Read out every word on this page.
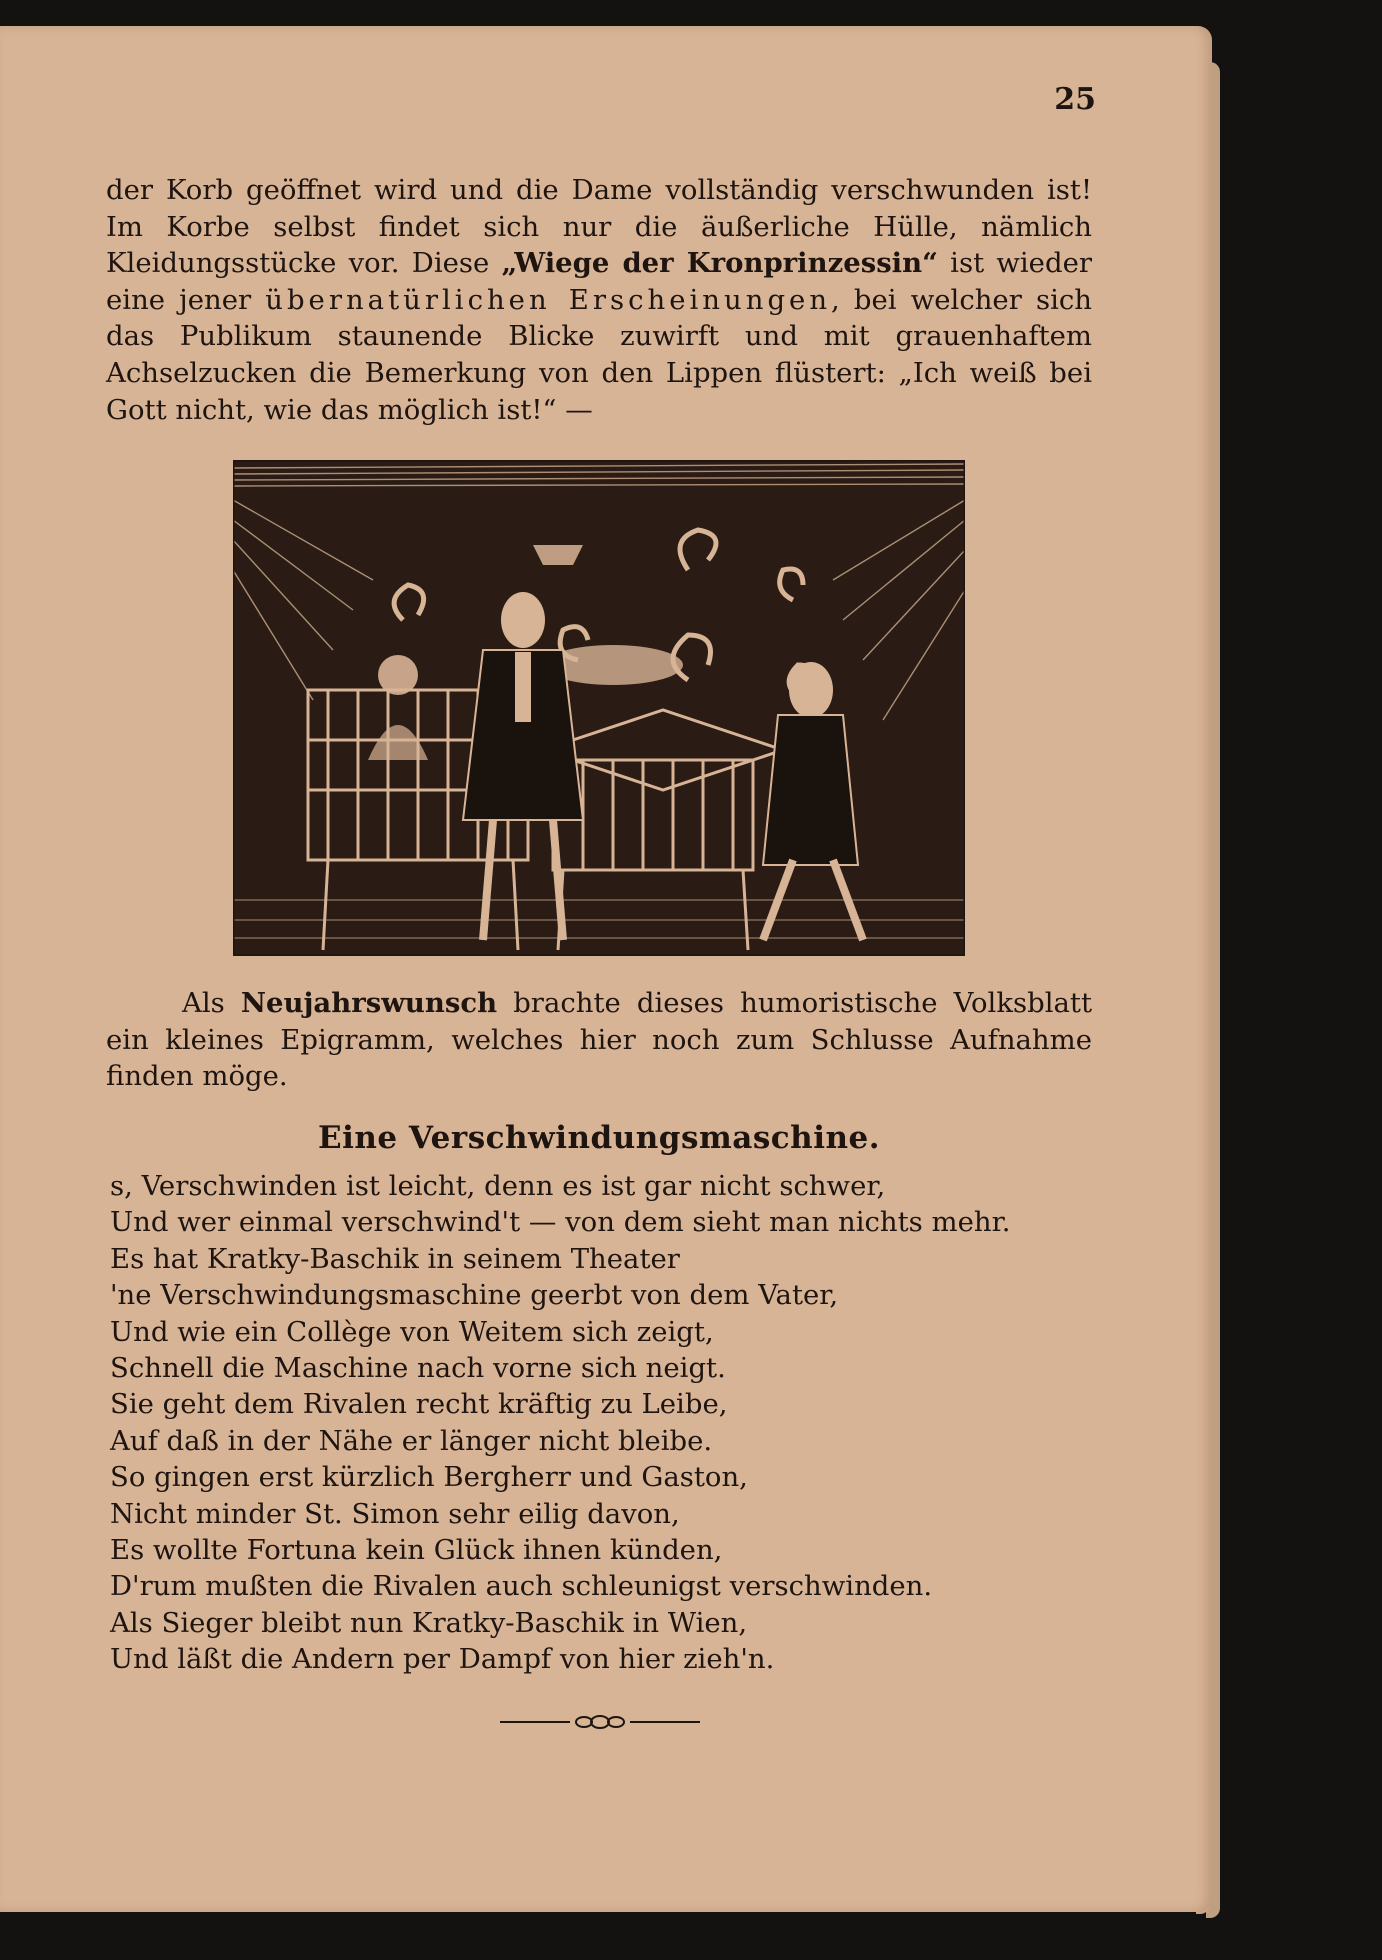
25

der Korb geöffnet wird und die Dame vollständig verschwunden ist! Im Korbe selbst findet sich nur die äußerliche Hülle, nämlich Kleidungsstücke vor. Diese „Wiege der Kronprinzessin“ ist wieder eine jener übernatürlichen Erscheinungen, bei welcher sich das Publikum staunende Blicke zuwirft und mit grauenhaftem Achselzucken die Bemerkung von den Lippen flüstert: „Ich weiß bei Gott nicht, wie das möglich ist!“ —

Als Neujahrswunsch brachte dieses humoristische Volksblatt ein kleines Epigramm, welches hier noch zum Schlusse Aufnahme finden möge.

Eine Verschwindungsmaschine.
s, Verschwinden ist leicht, denn es ist gar nicht schwer,
Und wer einmal verschwind't — von dem sieht man nichts mehr.
Es hat Kratky-Baschik in seinem Theater
'ne Verschwindungsmaschine geerbt von dem Vater,
Und wie ein Collège von Weitem sich zeigt,
Schnell die Maschine nach vorne sich neigt.
Sie geht dem Rivalen recht kräftig zu Leibe,
Auf daß in der Nähe er länger nicht bleibe.
So gingen erst kürzlich Bergherr und Gaston,
Nicht minder St. Simon sehr eilig davon,
Es wollte Fortuna kein Glück ihnen künden,
D'rum mußten die Rivalen auch schleunigst verschwinden.
Als Sieger bleibt nun Kratky-Baschik in Wien,
Und läßt die Andern per Dampf von hier zieh'n.
